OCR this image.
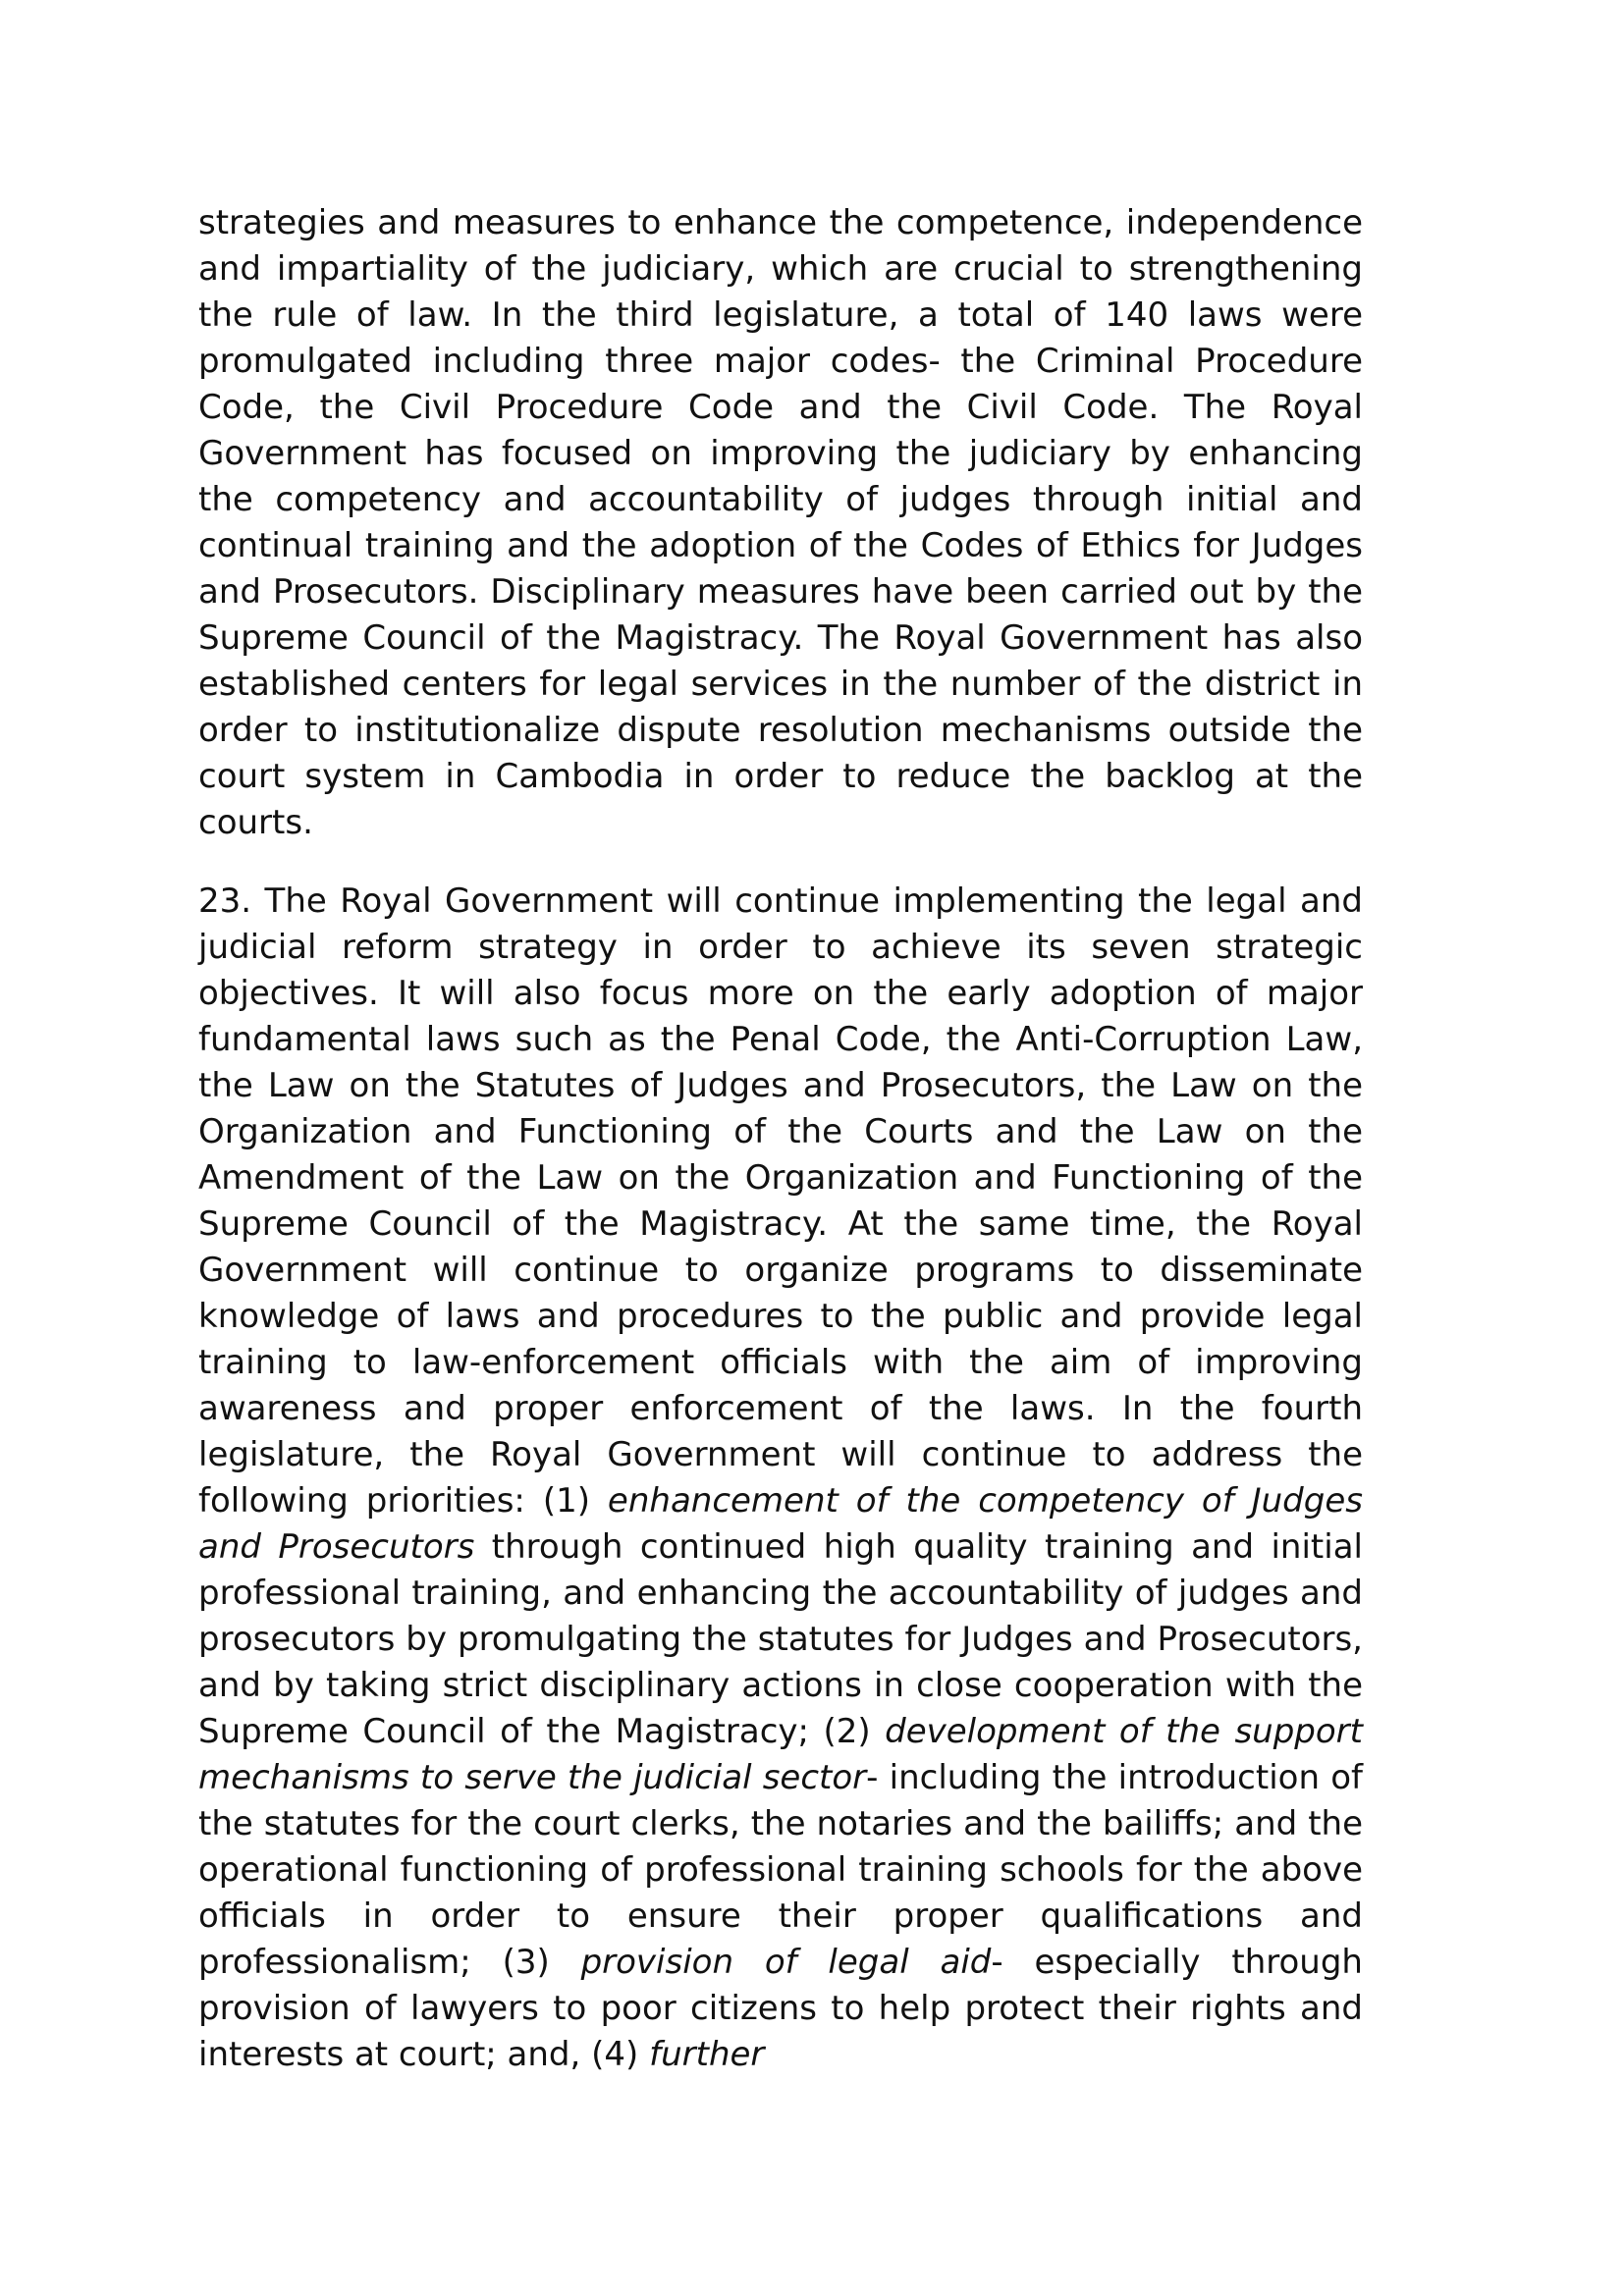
strategies and measures to enhance the competence, independence and impartiality of the judiciary, which are crucial to strengthening the rule of law. In the third legislature, a total of 140 laws were promulgated including three major codes- the Criminal Procedure Code, the Civil Procedure Code and the Civil Code. The Royal Government has focused on improving the judiciary by enhancing the competency and accountability of judges through initial and continual training and the adoption of the Codes of Ethics for Judges and Prosecutors. Disciplinary measures have been carried out by the Supreme Council of the Magistracy. The Royal Government has also established centers for legal services in the number of the district in order to institutionalize dispute resolution mechanisms outside the court system in Cambodia in order to reduce the backlog at the courts.

23. The Royal Government will continue implementing the legal and judicial reform strategy in order to achieve its seven strategic objectives. It will also focus more on the early adoption of major fundamental laws such as the Penal Code, the Anti-Corruption Law, the Law on the Statutes of Judges and Prosecutors, the Law on the Organization and Functioning of the Courts and the Law on the Amendment of the Law on the Organization and Functioning of the Supreme Council of the Magistracy. At the same time, the Royal Government will continue to organize programs to disseminate knowledge of laws and procedures to the public and provide legal training to law-enforcement officials with the aim of improving awareness and proper enforcement of the laws. In the fourth legislature, the Royal Government will continue to address the following priorities: (1) enhancement of the competency of Judges and Prosecutors through continued high quality training and initial professional training, and enhancing the accountability of judges and prosecutors by promulgating the statutes for Judges and Prosecutors, and by taking strict disciplinary actions in close cooperation with the Supreme Council of the Magistracy; (2) development of the support mechanisms to serve the judicial sector- including the introduction of the statutes for the court clerks, the notaries and the bailiffs; and the operational functioning of professional training schools for the above officials in order to ensure their proper qualifications and professionalism; (3) provision of legal aid- especially through provision of lawyers to poor citizens to help protect their rights and interests at court; and, (4) further
